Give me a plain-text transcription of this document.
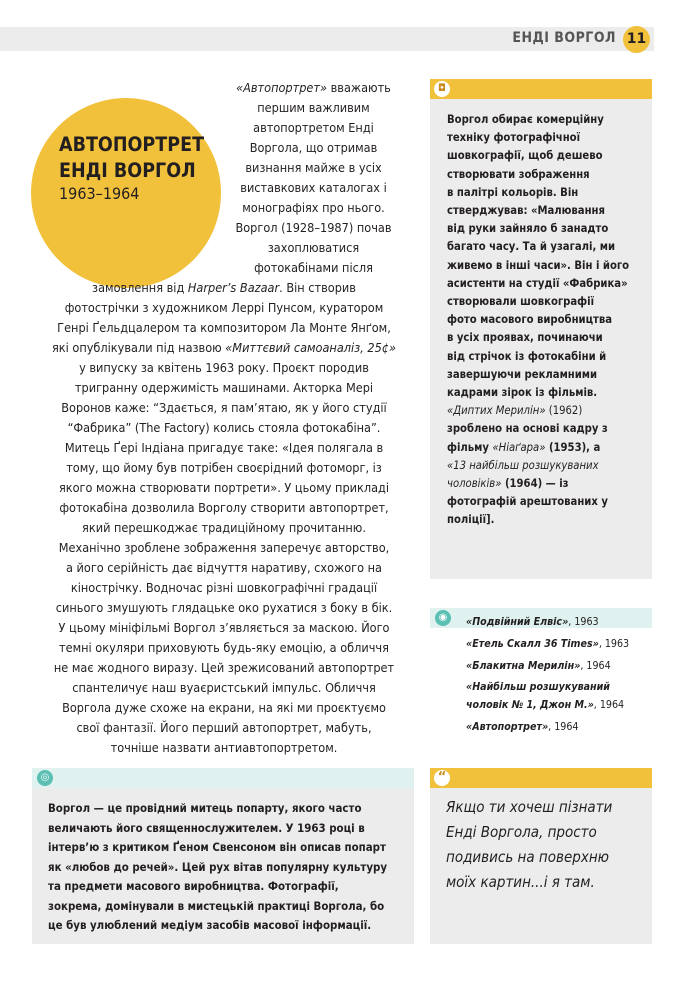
ЕНДІ ВОРГОЛ 11
АВТОПОРТРЕТ
ЕНДІ ВОРГОЛ
1963–1964
«Автопортрет» вважають
першим важливим
автопортретом Енді
Воргола, що отримав
визнання майже в усіх
виставкових каталогах і
монографіях про нього.
Воргол (1928–1987) почав
захоплюватися
фотокабінами після
замовлення від Harper’s Bazaar. Він створив
фотострічки з художником Леррі Пунсом, куратором
Генрі Ґельдцалером та композитором Ла Монте Янґом,
які опублікували під назвою «Миттєвий самоаналіз, 25¢»
у випуску за квітень 1963 року. Проєкт породив
тригранну одержимість машинами. Акторка Мері
Воронов каже: “Здається, я пам’ятаю, як у його студії
“Фабрика” (The Factory) колись стояла фотокабіна”.
Митець Ґері Індіана пригадує таке: «Ідея полягала в
тому, що йому був потрібен своєрідний фотоморг, із
якого можна створювати портрети». У цьому прикладі
фотокабіна дозволила Ворголу створити автопортрет,
який перешкоджає традиційному прочитанню.
Механічно зроблене зображення заперечує авторство,
а його серійність дає відчуття наративу, схожого на
кінострічку. Водночас різні шовкографічні градації
синього змушують глядацьке око рухатися з боку в бік.
У цьому мініфільмі Воргол з’являється за маскою. Його
темні окуляри приховують будь-яку емоцію, а обличчя
не має жодного виразу. Цей зрежисований автопортрет
спантеличує наш вуаєристський імпульс. Обличчя
Воргола дуже схоже на екрани, на які ми проєктуємо
свої фантазії. Його перший автопортрет, мабуть,
точніше назвати антиавтопортретом.
◘
Воргол обирає комерційну
техніку фотографічної
шовкографії, щоб дешево
створювати зображення
в палітрі кольорів. Він
стверджував: «Малювання
від руки зайняло б занадто
багато часу. Та й узагалі, ми
живемо в інші часи». Він і його
асистенти на студії «Фабрика»
створювали шовкографії
фото масового виробництва
в усіх проявах, починаючи
від стрічок із фотокабіни й
завершуючи рекламними
кадрами зірок із фільмів.
«Диптих Мерилін» (1962)
зроблено на основі кадру з
фільму «Ніаґара» (1953), а
«13 найбільш розшукуваних
чоловіків» (1964) — із
фотографій арештованих у
поліції].
◉	«Подвійний Елвіс», 1963
«Етель Скалл 36 Times», 1963
«Блакитна Мерилін», 1964
«Найбільш розшукуваний
чоловік № 1, Джон М.», 1964
«Автопортрет», 1964
◎
Воргол — це провідний митець попарту, якого часто
величають його священнослужителем. У 1963 році в
інтерв’ю з критиком Ґеном Свенсоном він описав попарт
як «любов до речей». Цей рух вітав популярну культуру
та предмети масового виробництва. Фотографії,
зокрема, домінували в мистецькій практиці Воргола, бо
це був улюблений медіум засобів масової інформації.
“
Якщо ти хочеш пізнати
Енді Воргола, просто
подивись на поверхню
моїх картин...і я там.
